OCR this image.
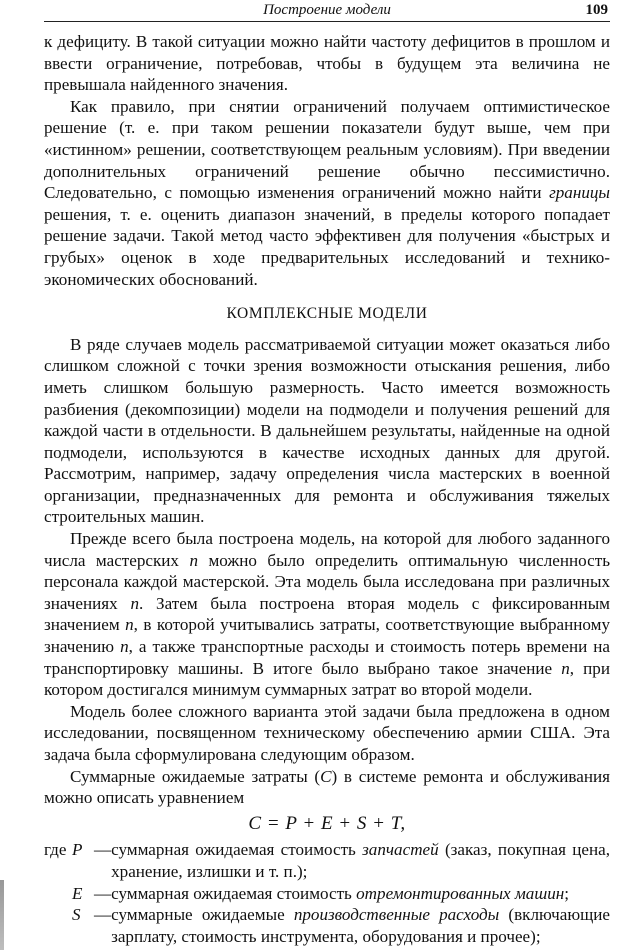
Построение модели	109

к дефициту. В такой ситуации можно найти частоту дефицитов в прошлом и ввести ограничение, потребовав, чтобы в будущем эта величина не превышала найденного значения.

Как правило, при снятии ограничений получаем оптимистическое решение (т. е. при таком решении показатели будут выше, чем при «истинном» решении, соответствующем реальным условиям). При введении дополнительных ограничений решение обычно пессимистично. Следовательно, с помощью изменения ограничений можно найти границы решения, т. е. оценить диапазон значений, в пределы которого попадает решение задачи. Такой метод часто эффективен для получения «быстрых и грубых» оценок в ходе предварительных исследований и технико-экономических обоснований.

КОМПЛЕКСНЫЕ МОДЕЛИ

В ряде случаев модель рассматриваемой ситуации может оказаться либо слишком сложной с точки зрения возможности отыскания решения, либо иметь слишком большую размерность. Часто имеется возможность разбиения (декомпозиции) модели на подмодели и получения решений для каждой части в отдельности. В дальнейшем результаты, найденные на одной подмодели, используются в качестве исходных данных для другой. Рассмотрим, например, задачу определения числа мастерских в военной организации, предназначенных для ремонта и обслуживания тяжелых строительных машин.

Прежде всего была построена модель, на которой для любого заданного числа мастерских n можно было определить оптимальную численность персонала каждой мастерской. Эта модель была исследована при различных значениях n. Затем была построена вторая модель с фиксированным значением n, в которой учитывались затраты, соответствующие выбранному значению n, а также транспортные расходы и стоимость потерь времени на транспортировку машины. В итоге было выбрано такое значение n, при котором достигался минимум суммарных затрат во второй модели.

Модель более сложного варианта этой задачи была предложена в одном исследовании, посвященном техническому обеспечению армии США. Эта задача была сформулирована следующим образом.

Суммарные ожидаемые затраты (C) в системе ремонта и обслуживания можно описать уравнением

C = P + E + S + T,
где	P	—	суммарная ожидаемая стоимость запчастей (заказ, покупная цена, хранение, излишки и т. п.);
	E	—	суммарная ожидаемая стоимость отремонтированных машин;
	S	—	суммарные ожидаемые производственные расходы (включающие зарплату, стоимость инструмента, оборудования и прочее);
